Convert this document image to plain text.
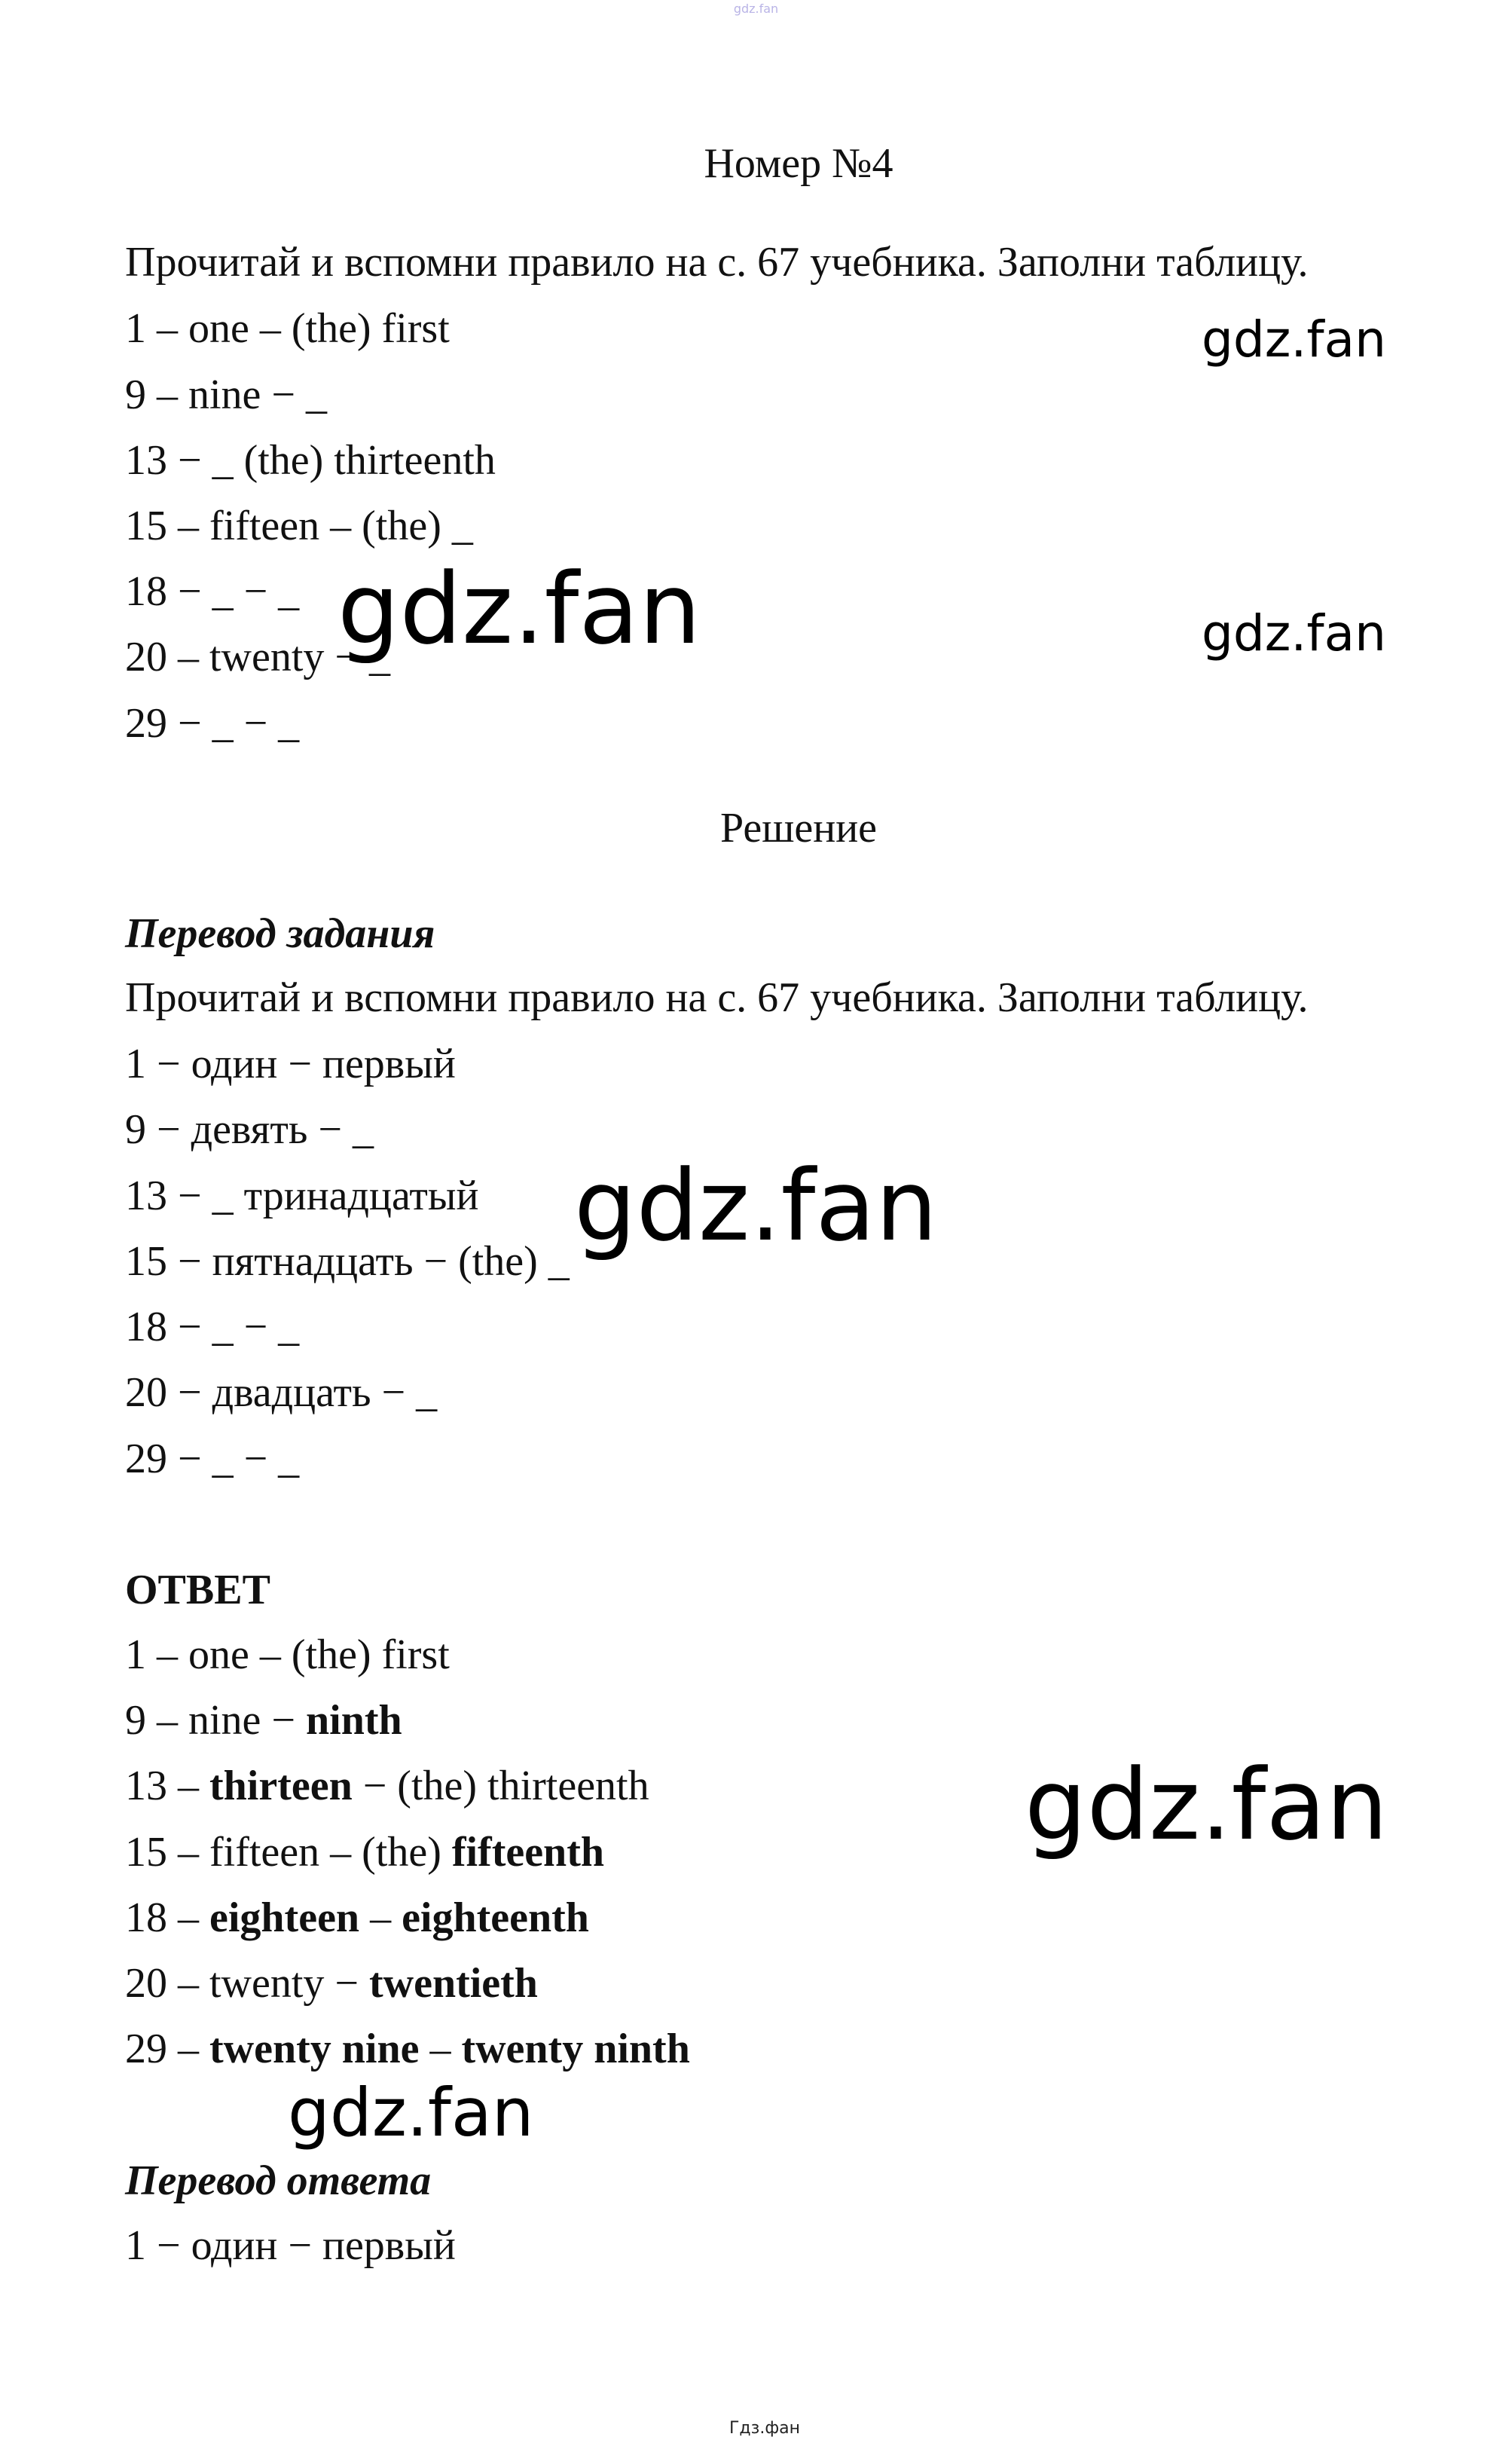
gdz.fan
Номер №4
Прочитай и вспомни правило на с. 67 учебника. Заполни таблицу.
1 – one – (the) first
9 – nine − _
13 − _ (the) thirteenth
15 – fifteen – (the) _
18 − _ − _
20 – twenty − _
29 − _ − _
Решение
Перевод задания
Прочитай и вспомни правило на с. 67 учебника. Заполни таблицу.
1 − один − первый
9 − девять − _
13 − _ тринадцатый
15 − пятнадцать − (the) _
18 − _ − _
20 − двадцать − _
29 − _ − _
ОТВЕТ
1 – one – (the) first
9 – nine − ninth
13 – thirteen − (the) thirteenth
15 – fifteen – (the) fifteenth
18 – eighteen – eighteenth
20 – twenty − twentieth
29 – twenty nine – twenty ninth
Перевод ответа
1 − один − первый
gdz.fan
gdz.fan	gdz.fan
gdz.fan
gdz.fan
gdz.fan
Гдз.фан
